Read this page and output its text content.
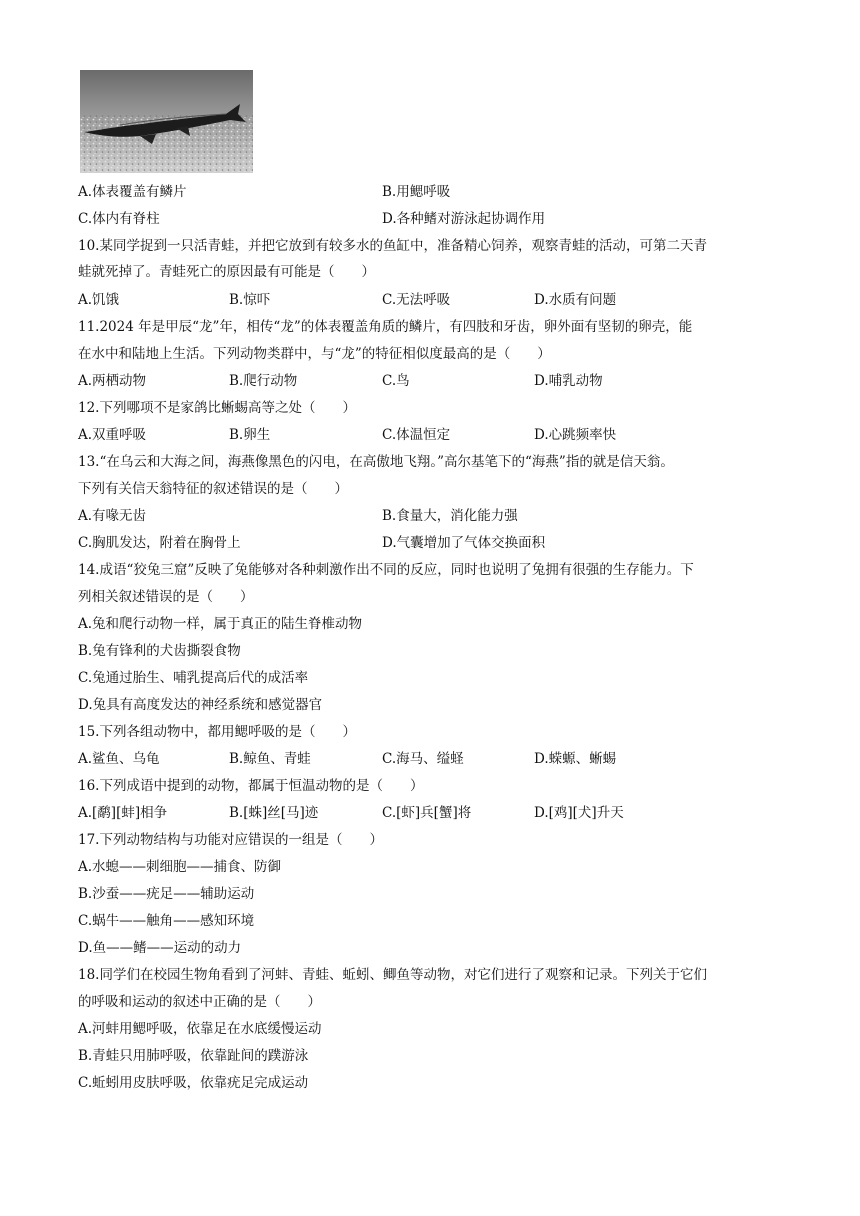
A.体表覆盖有鳞片	B.用鳃呼吸
C.体内有脊柱	D.各种鳍对游泳起协调作用
10.某同学捉到一只活青蛙，并把它放到有较多水的鱼缸中，准备精心饲养，观察青蛙的活动，可第二天青
蛙就死掉了。青蛙死亡的原因最有可能是（　　）
A.饥饿	B.惊吓	C.无法呼吸	D.水质有问题
11.2024 年是甲辰“龙”年，相传“龙”的体表覆盖角质的鳞片，有四肢和牙齿，卵外面有坚韧的卵壳，能
在水中和陆地上生活。下列动物类群中，与“龙”的特征相似度最高的是（　　）
A.两栖动物	B.爬行动物	C.鸟	D.哺乳动物
12.下列哪项不是家鸽比蜥蜴高等之处（　　）
A.双重呼吸	B.卵生	C.体温恒定	D.心跳频率快
13.“在乌云和大海之间，海燕像黑色的闪电，在高傲地飞翔。”高尔基笔下的“海燕”指的就是信天翁。
下列有关信天翁特征的叙述错误的是（　　）
A.有喙无齿	B.食量大，消化能力强
C.胸肌发达，附着在胸骨上	D.气囊增加了气体交换面积
14.成语“狡兔三窟”反映了兔能够对各种刺激作出不同的反应，同时也说明了兔拥有很强的生存能力。下
列相关叙述错误的是（　　）
A.兔和爬行动物一样，属于真正的陆生脊椎动物
B.兔有锋利的犬齿撕裂食物
C.兔通过胎生、哺乳提高后代的成活率
D.兔具有高度发达的神经系统和感觉器官
15.下列各组动物中，都用鳃呼吸的是（　　）
A.鲨鱼、乌龟	B.鲸鱼、青蛙	C.海马、缢蛏	D.蝾螈、蜥蜴
16.下列成语中提到的动物，都属于恒温动物的是（　　）
A.[鹬][蚌]相争	B.[蛛]丝[马]迹	C.[虾]兵[蟹]将	D.[鸡][犬]升天
17.下列动物结构与功能对应错误的一组是（　　）
A.水螅——刺细胞——捕食、防御
B.沙蚕——疣足——辅助运动
C.蜗牛——触角——感知环境
D.鱼——鳍——运动的动力
18.同学们在校园生物角看到了河蚌、青蛙、蚯蚓、鲫鱼等动物，对它们进行了观察和记录。下列关于它们
的呼吸和运动的叙述中正确的是（　　）
A.河蚌用鳃呼吸，依靠足在水底缓慢运动
B.青蛙只用肺呼吸，依靠趾间的蹼游泳
C.蚯蚓用皮肤呼吸，依靠疣足完成运动
